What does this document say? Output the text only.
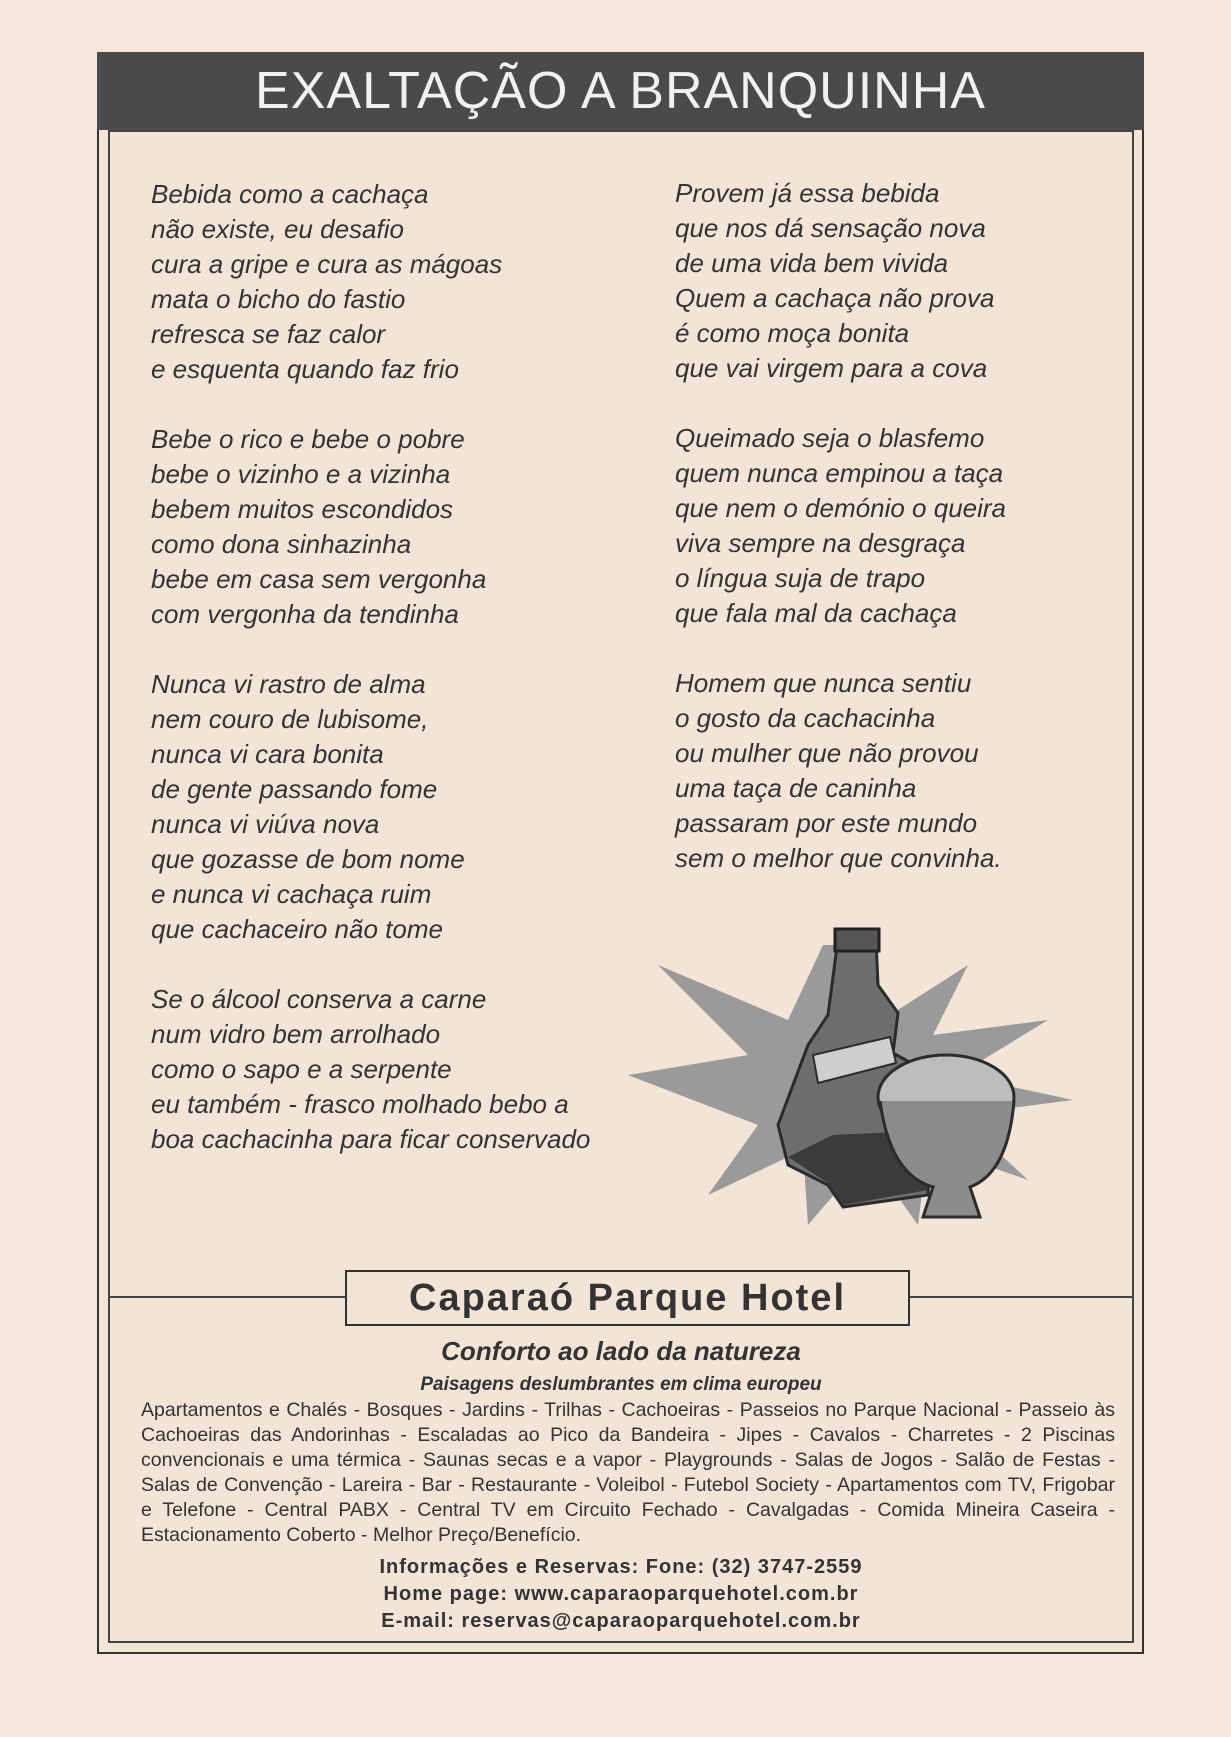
EXALTAÇÃO A BRANQUINHA
Bebida como a cachaça
não existe, eu desafio
cura a gripe e cura as mágoas
mata o bicho do fastio
refresca se faz calor
e esquenta quando faz frio
Bebe o rico e bebe o pobre
bebe o vizinho e a vizinha
bebem muitos escondidos
como dona sinhazinha
bebe em casa sem vergonha
com vergonha da tendinha
Nunca vi rastro de alma
nem couro de lubisome,
nunca vi cara bonita
de gente passando fome
nunca vi viúva nova
que gozasse de bom nome
e nunca vi cachaça ruim
que cachaceiro não tome
Se o álcool conserva a carne
num vidro bem arrolhado
como o sapo e a serpente
eu também - frasco molhado bebo a
boa cachacinha para ficar conservado
Provem já essa bebida
que nos dá sensação nova
de uma vida bem vivida
Quem a cachaça não prova
é como moça bonita
que vai virgem para a cova
Queimado seja o blasfemo
quem nunca empinou a taça
que nem o demónio o queira
viva sempre na desgraça
o língua suja de trapo
que fala mal da cachaça
Homem que nunca sentiu
o gosto da cachacinha
ou mulher que não provou
uma taça de caninha
passaram por este mundo
sem o melhor que convinha.
Caparaó Parque Hotel
Conforto ao lado da natureza
Paisagens deslumbrantes em clima europeu
Apartamentos e Chalés - Bosques - Jardins - Trilhas - Cachoeiras - Passeios no Parque Nacional - Passeio às Cachoeiras das Andorinhas - Escaladas ao Pico da Bandeira - Jipes - Cavalos - Charretes - 2 Piscinas convencionais e uma térmica - Saunas secas e a vapor - Playgrounds - Salas de Jogos - Salão de Festas - Salas de Convenção - Lareira - Bar - Restaurante - Voleibol - Futebol Society - Apartamentos com TV, Frigobar e Telefone - Central PABX - Central TV em Circuito Fechado - Cavalgadas - Comida Mineira Caseira - Estacionamento Coberto - Melhor Preço/Benefício.
Informações e Reservas: Fone: (32) 3747-2559
Home page: www.caparaoparquehotel.com.br
E-mail: reservas@caparaoparquehotel.com.br
